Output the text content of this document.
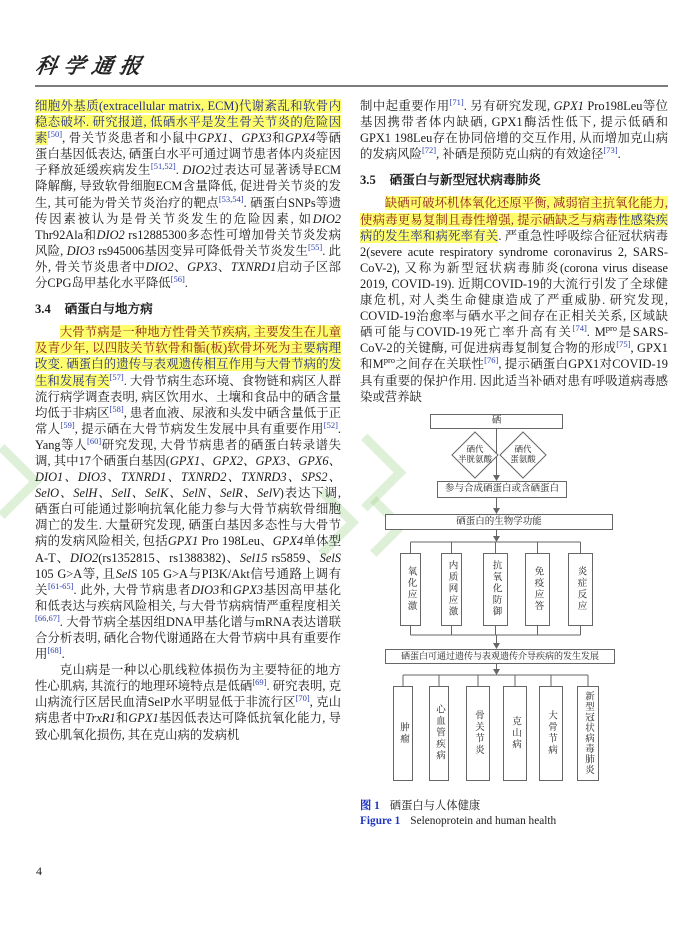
科学通报

细胞外基质(extracellular matrix, ECM)代谢紊乱和软骨内稳态破坏. 研究报道, 低硒水平是发生骨关节炎的危险因素[50], 骨关节炎患者和小鼠中GPX1、GPX3和GPX4等硒蛋白基因低表达, 硒蛋白水平可通过调节患者体内炎症因子释放延缓疾病发生[51,52]. DIO2过表达可显著诱导ECM降解酶, 导致软骨细胞ECM含量降低, 促进骨关节炎的发生, 其可能为骨关节炎治疗的靶点[53,54]. 硒蛋白SNPs等遗传因素被认为是骨关节炎发生的危险因素, 如DIO2 Thr92Ala和DIO2 rs12885300多态性可增加骨关节炎发病风险, DIO3 rs945006基因变异可降低骨关节炎发生[55]. 此外, 骨关节炎患者中DIO2、GPX3、TXNRD1启动子区部分CPG岛甲基化水平降低[56].

3.4 硒蛋白与地方病

大骨节病是一种地方性骨关节疾病, 主要发生在儿童及青少年, 以四肢关节软骨和骺(板)软骨坏死为主要病理改变. 硒蛋白的遗传与表观遗传相互作用与大骨节病的发生和发展有关[57]. 大骨节病生态环境、食物链和病区人群流行病学调查表明, 病区饮用水、土壤和食品中的硒含量均低于非病区[58], 患者血液、尿液和头发中硒含量低于正常人[59], 提示硒在大骨节病发生发展中具有重要作用[52]. Yang等人[60]研究发现, 大骨节病患者的硒蛋白转录谱失调, 其中17个硒蛋白基因(GPX1、GPX2、GPX3、GPX6、DIO1、DIO3、TXNRD1、TXNRD2、TXNRD3、SPS2、SelO、SelH、SelI、SelK、SelN、SelR、SelV)表达下调, 硒蛋白可能通过影响抗氧化能力参与大骨节病软骨细胞凋亡的发生. 大量研究发现, 硒蛋白基因多态性与大骨节病的发病风险相关, 包括GPX1 Pro 198Leu、GPX4单体型A-T、DIO2(rs1352815、rs1388382)、Sel15 rs5859、SelS 105 G>A等, 且SelS 105 G>A与PI3K/Akt信号通路上调有关[61-65]. 此外, 大骨节病患者DIO3和GPX3基因高甲基化和低表达与疾病风险相关, 与大骨节病病情严重程度相关[66,67]. 大骨节病全基因组DNA甲基化谱与mRNA表达谱联合分析表明, 硒化合物代谢通路在大骨节病中具有重要作用[68].

克山病是一种以心肌线粒体损伤为主要特征的地方性心肌病, 其流行的地理环境特点是低硒[69]. 研究表明, 克山病流行区居民血清SelP水平明显低于非流行区[70], 克山病患者中TrxR1和GPX1基因低表达可降低抗氧化能力, 导致心肌氧化损伤, 其在克山病的发病机

制中起重要作用[71]. 另有研究发现, GPX1 Pro198Leu等位基因携带者体内缺硒, GPX1酶活性低下, 提示低硒和GPX1 198Leu存在协同倍增的交互作用, 从而增加克山病的发病风险[72], 补硒是预防克山病的有效途径[73].

3.5 硒蛋白与新型冠状病毒肺炎

缺硒可破坏机体氧化还原平衡, 减弱宿主抗氧化能力, 使病毒更易复制且毒性增强, 提示硒缺乏与病毒性感染疾病的发生率和病死率有关. 严重急性呼吸综合征冠状病毒2(severe acute respiratory syndrome coronavirus 2, SARS-CoV-2), 又称为新型冠状病毒肺炎(corona virus disease 2019, COVID-19). 近期COVID-19的大流行引发了全球健康危机, 对人类生命健康造成了严重威胁. 研究发现, COVID-19治愈率与硒水平之间存在正相关关系, 区域缺硒可能与COVID-19死亡率升高有关[74]. $M^{pro}$是SARS-CoV-2的关键酶, 可促进病毒复制复合物的形成[75], GPX1和$M^{pro}$之间存在关联性[76], 提示硒蛋白GPX1对COVID-19具有重要的保护作用. 因此适当补硒对患有呼吸道病毒感染或营养缺

硒
硒代
半胱氨酸
硒代
蛋氨酸
参与合成硒蛋白或含硒蛋白
硒蛋白的生物学功能
氧化应激	内质网应激	抗氧化防御	免疫应答	炎症反应
硒蛋白可通过遗传与表观遗传介导疾病的发生发展
肿瘤	心血管疾病	骨关节炎	克山病	大骨节病	新型冠状病毒肺炎
图 1 硒蛋白与人体健康
Figure 1 Selenoprotein and human health
4
